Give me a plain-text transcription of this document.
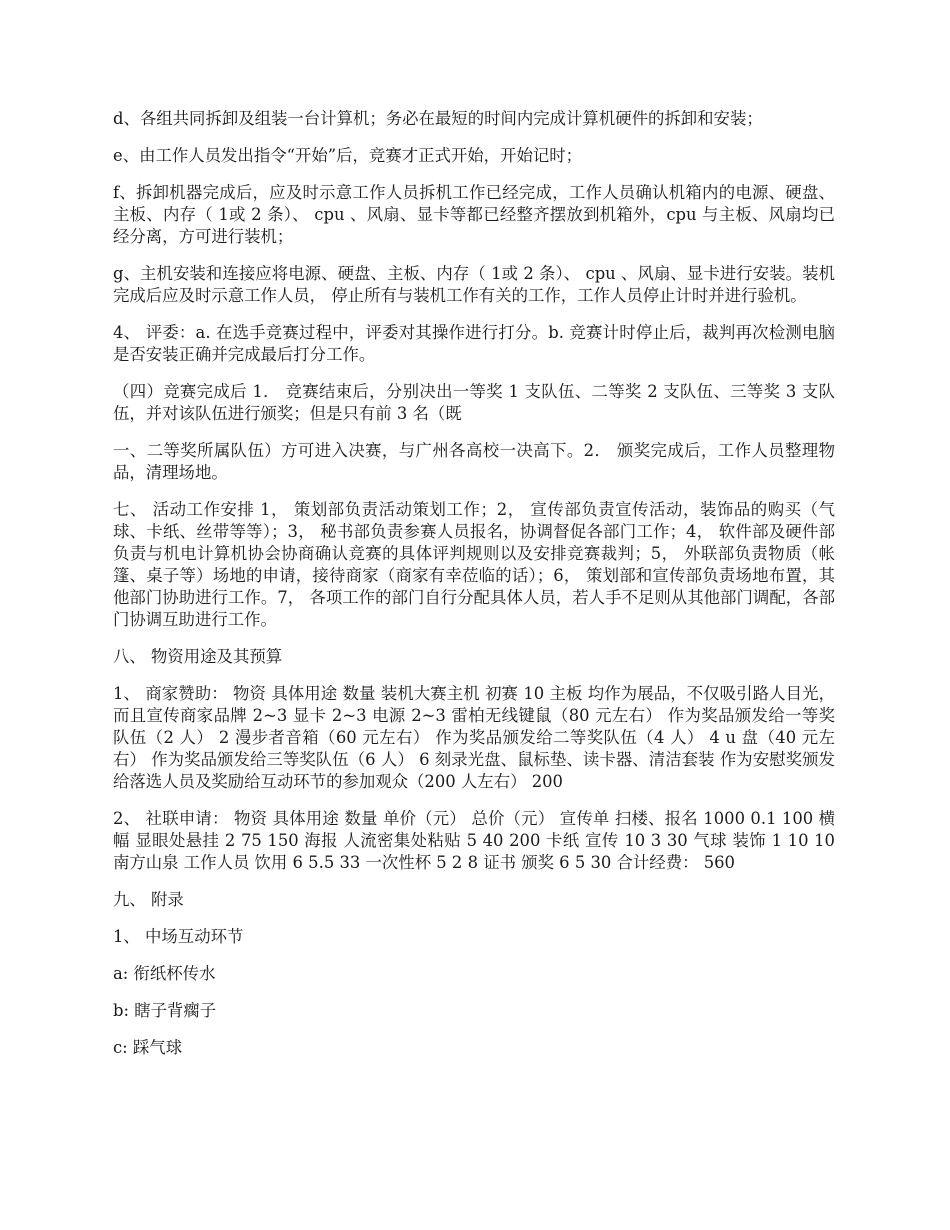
d、各组共同拆卸及组装一台计算机；务必在最短的时间内完成计算机硬件的拆卸和安装；

e、由工作人员发出指令“开始”后，竞赛才正式开始，开始记时；

f、拆卸机器完成后，应及时示意工作人员拆机工作已经完成，工作人员确认机箱内的电源、硬盘、主板、内存（ 1或 2 条）、 cpu 、风扇、显卡等都已经整齐摆放到机箱外，cpu 与主板、风扇均已经分离，方可进行装机；

g、主机安装和连接应将电源、硬盘、主板、内存（ 1或 2 条）、 cpu 、风扇、显卡进行安装。装机完成后应及时示意工作人员， 停止所有与装机工作有关的工作，工作人员停止计时并进行验机。

4、 评委：a. 在选手竞赛过程中，评委对其操作进行打分。b. 竞赛计时停止后，裁判再次检测电脑是否安装正确并完成最后打分工作。

（四）竞赛完成后 1． 竞赛结束后，分别决出一等奖 1 支队伍、二等奖 2 支队伍、三等奖 3 支队伍，并对该队伍进行颁奖；但是只有前 3 名（既

一、二等奖所属队伍）方可进入决赛，与广州各高校一决高下。2． 颁奖完成后，工作人员整理物品，清理场地。

七、 活动工作安排 1， 策划部负责活动策划工作；2， 宣传部负责宣传活动，装饰品的购买（气球、卡纸、丝带等等）；3， 秘书部负责参赛人员报名，协调督促各部门工作；4， 软件部及硬件部负责与机电计算机协会协商确认竞赛的具体评判规则以及安排竞赛裁判；5， 外联部负责物质（帐篷、桌子等）场地的申请，接待商家（商家有幸莅临的话）；6， 策划部和宣传部负责场地布置，其他部门协助进行工作。7， 各项工作的部门自行分配具体人员，若人手不足则从其他部门调配，各部门协调互助进行工作。

八、 物资用途及其预算

1、 商家赞助： 物资 具体用途 数量 装机大赛主机 初赛 10 主板 均作为展品，不仅吸引路人目光，而且宣传商家品牌 2~3 显卡 2~3 电源 2~3 雷柏无线键鼠（80 元左右） 作为奖品颁发给一等奖队伍（2 人） 2 漫步者音箱（60 元左右） 作为奖品颁发给二等奖队伍（4 人） 4 u 盘（40 元左右） 作为奖品颁发给三等奖队伍（6 人） 6 刻录光盘、鼠标垫、读卡器、清洁套装 作为安慰奖颁发给落选人员及奖励给互动环节的参加观众（200 人左右） 200

2、 社联申请： 物资 具体用途 数量 单价（元） 总价（元） 宣传单 扫楼、报名 1000 0.1 100 横幅 显眼处悬挂 2 75 150 海报 人流密集处粘贴 5 40 200 卡纸 宣传 10 3 30 气球 装饰 1 10 10 南方山泉 工作人员 饮用 6 5.5 33 一次性杯 5 2 8 证书 颁奖 6 5 30 合计经费： 560

九、 附录

1、 中场互动环节

a: 衔纸杯传水

b: 瞎子背瘸子

c: 踩气球
